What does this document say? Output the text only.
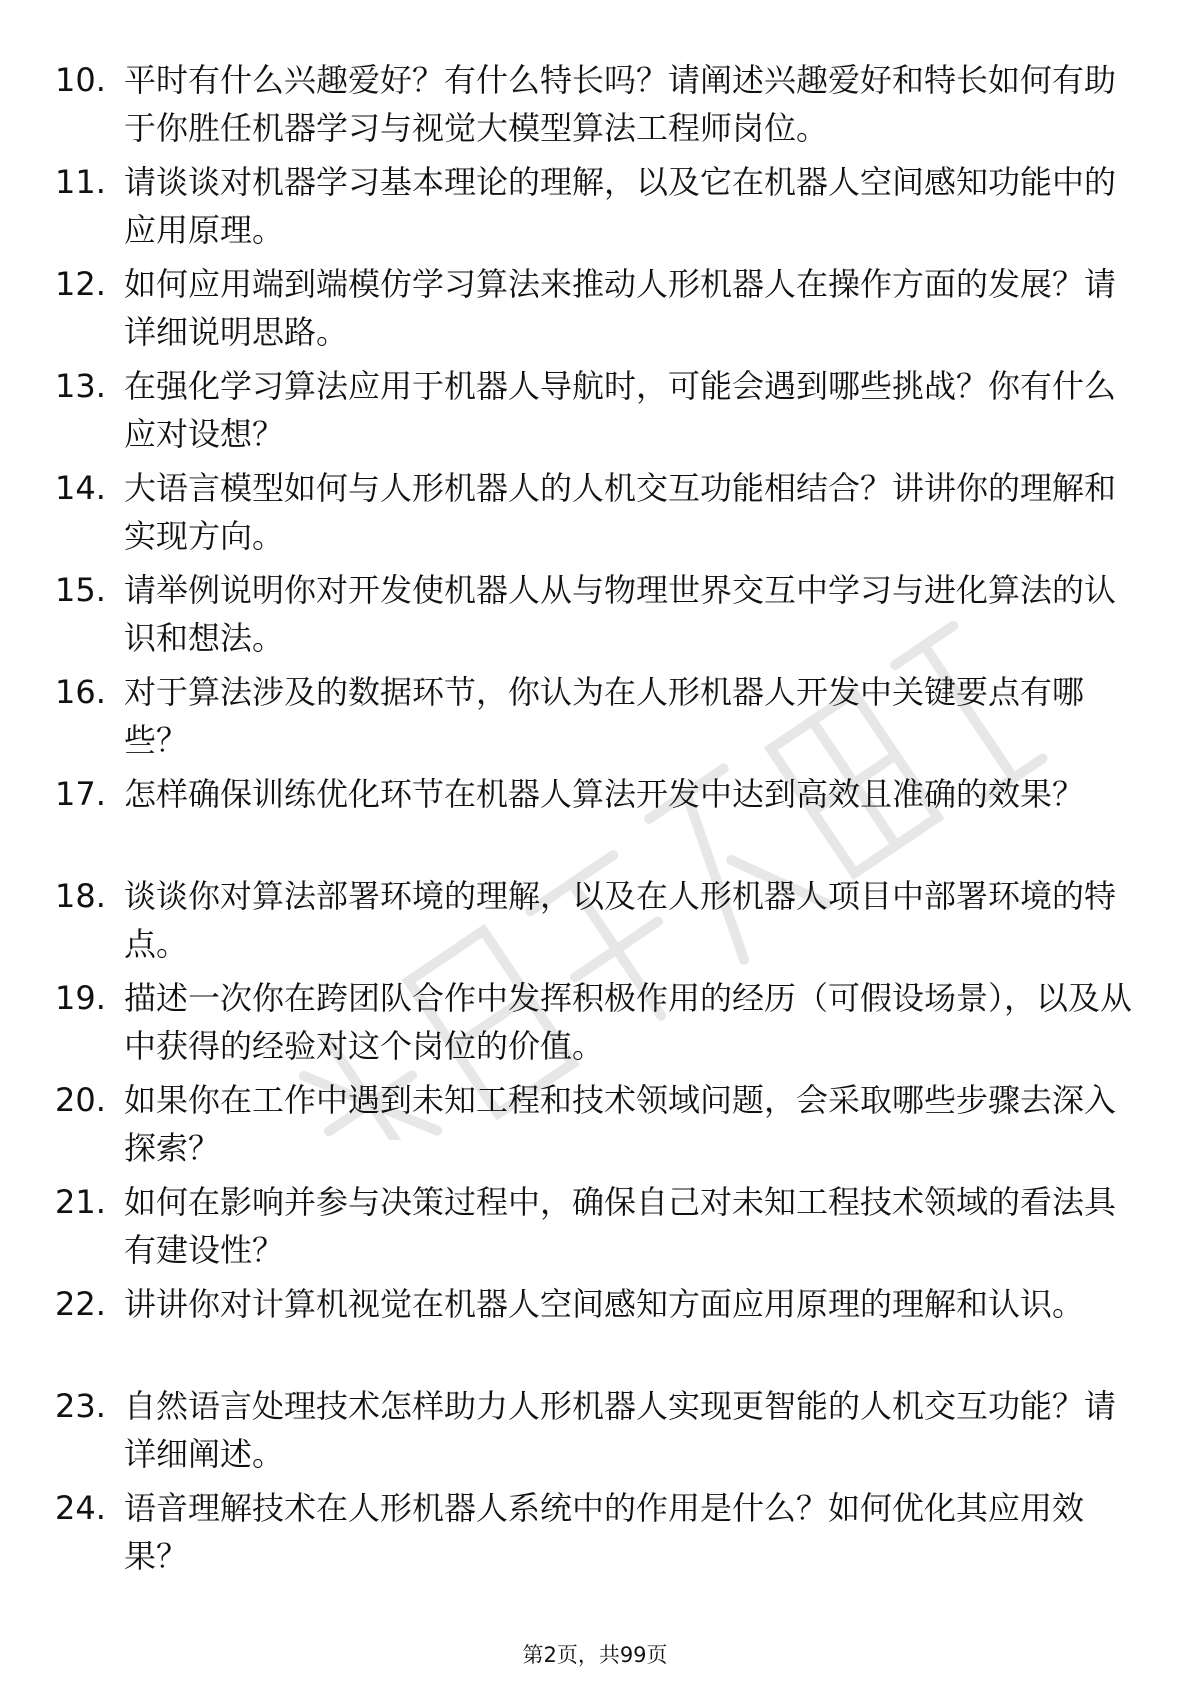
10. 平时有什么兴趣爱好？有什么特长吗？请阐述兴趣爱好和特长如何有助于你胜任机器学习与视觉大模型算法工程师岗位。
11. 请谈谈对机器学习基本理论的理解，以及它在机器人空间感知功能中的应用原理。
12. 如何应用端到端模仿学习算法来推动人形机器人在操作方面的发展？请详细说明思路。
13. 在强化学习算法应用于机器人导航时，可能会遇到哪些挑战？你有什么应对设想？
14. 大语言模型如何与人形机器人的人机交互功能相结合？讲讲你的理解和实现方向。
15. 请举例说明你对开发使机器人从与物理世界交互中学习与进化算法的认识和想法。
16. 对于算法涉及的数据环节，你认为在人形机器人开发中关键要点有哪些？
17. 怎样确保训练优化环节在机器人算法开发中达到高效且准确的效果？
18. 谈谈你对算法部署环境的理解，以及在人形机器人项目中部署环境的特点。
19. 描述一次你在跨团队合作中发挥积极作用的经历（可假设场景），以及从中获得的经验对这个岗位的价值。
20. 如果你在工作中遇到未知工程和技术领域问题，会采取哪些步骤去深入探索？
21. 如何在影响并参与决策过程中，确保自己对未知工程技术领域的看法具有建设性？
22. 讲讲你对计算机视觉在机器人空间感知方面应用原理的理解和认识。
23. 自然语言处理技术怎样助力人形机器人实现更智能的人机交互功能？请详细阐述。
24. 语音理解技术在人形机器人系统中的作用是什么？如何优化其应用效果？
第2页，共99页
